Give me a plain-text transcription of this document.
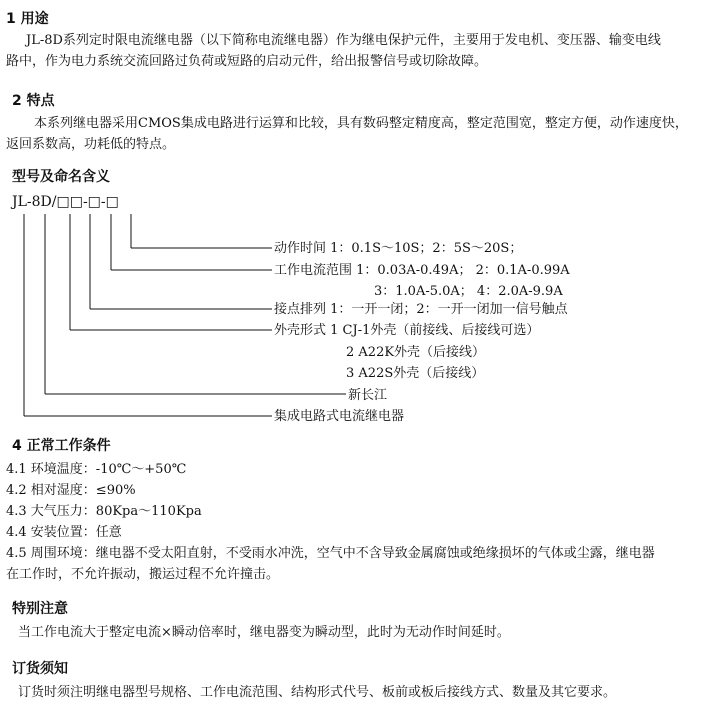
1 用途
JL-8D系列定时限电流继电器（以下简称电流继电器）作为继电保护元件，主要用于发电机、变压器、输变电线
路中，作为电力系统交流回路过负荷或短路的启动元件，给出报警信号或切除故障。
2 特点
本系列继电器采用CMOS集成电路进行运算和比较，具有数码整定精度高，整定范围宽，整定方便，动作速度快，
返回系数高，功耗低的特点。
型号及命名含义
JL-8D/□□-□-□
动作时间 1：0.1S～10S；2：5S～20S；
工作电流范围 1：0.03A-0.49A； 2：0.1A-0.99A
3：1.0A-5.0A； 4：2.0A-9.9A
接点排列 1：一开一闭；2：一开一闭加一信号触点
外壳形式 1 CJ-1外壳（前接线、后接线可选）
2 A22K外壳（后接线）
3 A22S外壳（后接线）
新长江
集成电路式电流继电器
4 正常工作条件
4.1 环境温度：-10℃～+50℃
4.2 相对湿度：≤90%
4.3 大气压力：80Kpa～110Kpa
4.4 安装位置：任意
4.5 周围环境：继电器不受太阳直射，不受雨水冲洗，空气中不含导致金属腐蚀或绝缘损坏的气体或尘露，继电器
在工作时，不允许振动，搬运过程不允许撞击。
特别注意
当工作电流大于整定电流×瞬动倍率时，继电器变为瞬动型，此时为无动作时间延时。
订货须知
订货时须注明继电器型号规格、工作电流范围、结构形式代号、板前或板后接线方式、数量及其它要求。
